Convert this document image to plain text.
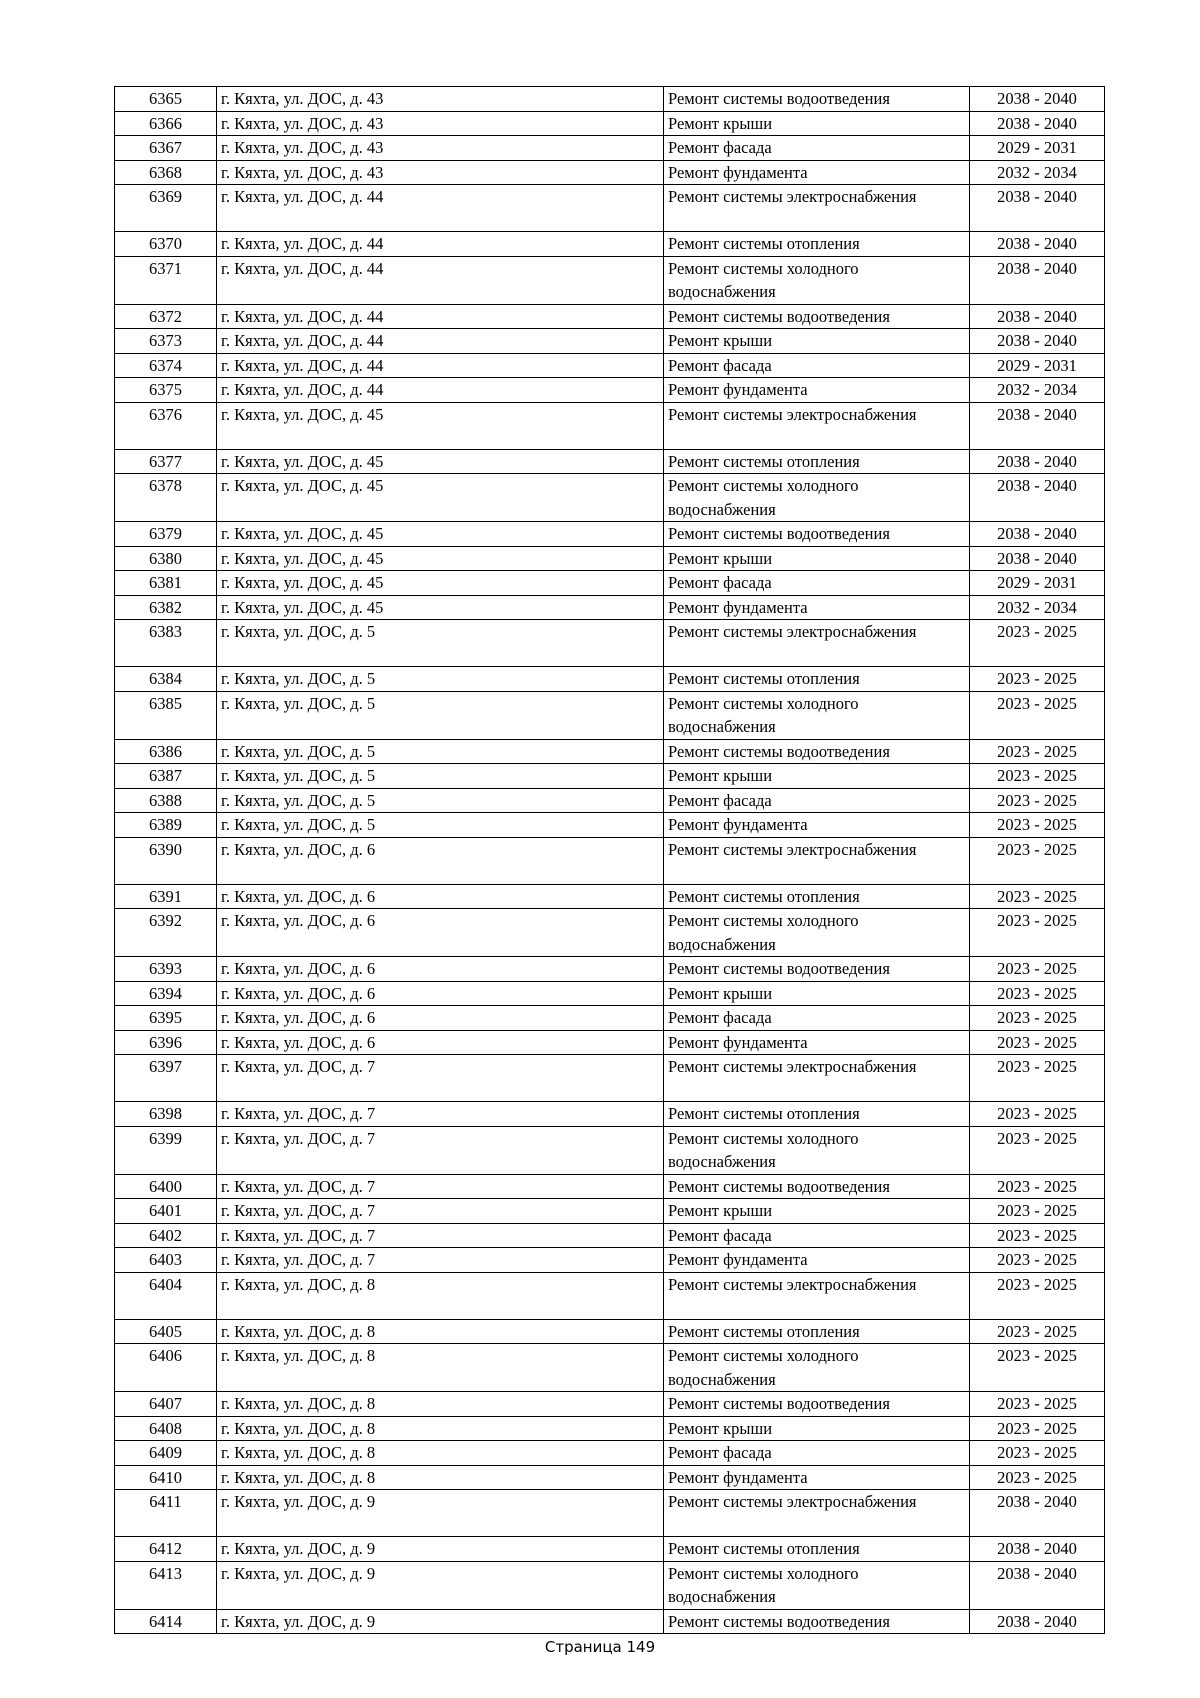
6365	г. Кяхта, ул. ДОС, д. 43	Ремонт системы водоотведения	2038 - 2040
6366	г. Кяхта, ул. ДОС, д. 43	Ремонт крыши	2038 - 2040
6367	г. Кяхта, ул. ДОС, д. 43	Ремонт фасада	2029 - 2031
6368	г. Кяхта, ул. ДОС, д. 43	Ремонт фундамента	2032 - 2034
6369	г. Кяхта, ул. ДОС, д. 44	Ремонт системы электроснабжения	2038 - 2040
6370	г. Кяхта, ул. ДОС, д. 44	Ремонт системы отопления	2038 - 2040
6371	г. Кяхта, ул. ДОС, д. 44	Ремонт системы холодного водоснабжения	2038 - 2040
6372	г. Кяхта, ул. ДОС, д. 44	Ремонт системы водоотведения	2038 - 2040
6373	г. Кяхта, ул. ДОС, д. 44	Ремонт крыши	2038 - 2040
6374	г. Кяхта, ул. ДОС, д. 44	Ремонт фасада	2029 - 2031
6375	г. Кяхта, ул. ДОС, д. 44	Ремонт фундамента	2032 - 2034
6376	г. Кяхта, ул. ДОС, д. 45	Ремонт системы электроснабжения	2038 - 2040
6377	г. Кяхта, ул. ДОС, д. 45	Ремонт системы отопления	2038 - 2040
6378	г. Кяхта, ул. ДОС, д. 45	Ремонт системы холодного водоснабжения	2038 - 2040
6379	г. Кяхта, ул. ДОС, д. 45	Ремонт системы водоотведения	2038 - 2040
6380	г. Кяхта, ул. ДОС, д. 45	Ремонт крыши	2038 - 2040
6381	г. Кяхта, ул. ДОС, д. 45	Ремонт фасада	2029 - 2031
6382	г. Кяхта, ул. ДОС, д. 45	Ремонт фундамента	2032 - 2034
6383	г. Кяхта, ул. ДОС, д. 5	Ремонт системы электроснабжения	2023 - 2025
6384	г. Кяхта, ул. ДОС, д. 5	Ремонт системы отопления	2023 - 2025
6385	г. Кяхта, ул. ДОС, д. 5	Ремонт системы холодного водоснабжения	2023 - 2025
6386	г. Кяхта, ул. ДОС, д. 5	Ремонт системы водоотведения	2023 - 2025
6387	г. Кяхта, ул. ДОС, д. 5	Ремонт крыши	2023 - 2025
6388	г. Кяхта, ул. ДОС, д. 5	Ремонт фасада	2023 - 2025
6389	г. Кяхта, ул. ДОС, д. 5	Ремонт фундамента	2023 - 2025
6390	г. Кяхта, ул. ДОС, д. 6	Ремонт системы электроснабжения	2023 - 2025
6391	г. Кяхта, ул. ДОС, д. 6	Ремонт системы отопления	2023 - 2025
6392	г. Кяхта, ул. ДОС, д. 6	Ремонт системы холодного водоснабжения	2023 - 2025
6393	г. Кяхта, ул. ДОС, д. 6	Ремонт системы водоотведения	2023 - 2025
6394	г. Кяхта, ул. ДОС, д. 6	Ремонт крыши	2023 - 2025
6395	г. Кяхта, ул. ДОС, д. 6	Ремонт фасада	2023 - 2025
6396	г. Кяхта, ул. ДОС, д. 6	Ремонт фундамента	2023 - 2025
6397	г. Кяхта, ул. ДОС, д. 7	Ремонт системы электроснабжения	2023 - 2025
6398	г. Кяхта, ул. ДОС, д. 7	Ремонт системы отопления	2023 - 2025
6399	г. Кяхта, ул. ДОС, д. 7	Ремонт системы холодного водоснабжения	2023 - 2025
6400	г. Кяхта, ул. ДОС, д. 7	Ремонт системы водоотведения	2023 - 2025
6401	г. Кяхта, ул. ДОС, д. 7	Ремонт крыши	2023 - 2025
6402	г. Кяхта, ул. ДОС, д. 7	Ремонт фасада	2023 - 2025
6403	г. Кяхта, ул. ДОС, д. 7	Ремонт фундамента	2023 - 2025
6404	г. Кяхта, ул. ДОС, д. 8	Ремонт системы электроснабжения	2023 - 2025
6405	г. Кяхта, ул. ДОС, д. 8	Ремонт системы отопления	2023 - 2025
6406	г. Кяхта, ул. ДОС, д. 8	Ремонт системы холодного водоснабжения	2023 - 2025
6407	г. Кяхта, ул. ДОС, д. 8	Ремонт системы водоотведения	2023 - 2025
6408	г. Кяхта, ул. ДОС, д. 8	Ремонт крыши	2023 - 2025
6409	г. Кяхта, ул. ДОС, д. 8	Ремонт фасада	2023 - 2025
6410	г. Кяхта, ул. ДОС, д. 8	Ремонт фундамента	2023 - 2025
6411	г. Кяхта, ул. ДОС, д. 9	Ремонт системы электроснабжения	2038 - 2040
6412	г. Кяхта, ул. ДОС, д. 9	Ремонт системы отопления	2038 - 2040
6413	г. Кяхта, ул. ДОС, д. 9	Ремонт системы холодного водоснабжения	2038 - 2040
6414	г. Кяхта, ул. ДОС, д. 9	Ремонт системы водоотведения	2038 - 2040
Страница 149
